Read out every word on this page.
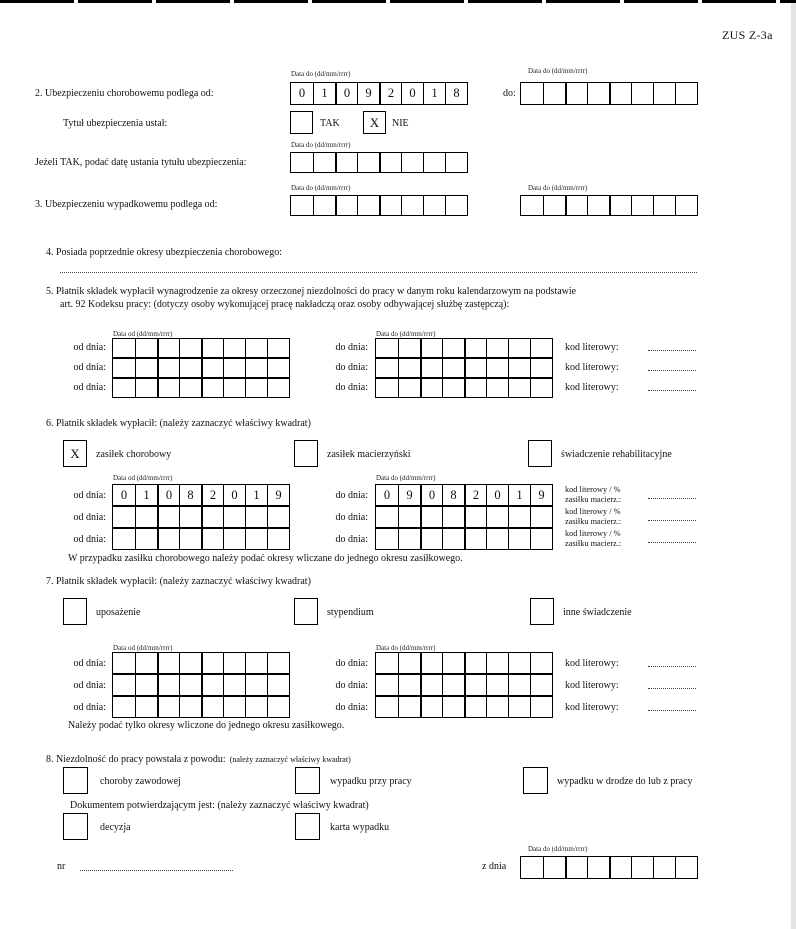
ZUS Z-3a
Data do (dd/mm/rrrr)
0	1	0	9	2	0	1	8
2. Ubezpieczeniu chorobowemu podlega od:	do:
Data do (dd/mm/rrrr)
Tytuł ubezpieczenia ustał:	TAK	X	NIE
Data do (dd/mm/rrrr)
Jeżeli TAK, podać datę ustania tytułu ubezpieczenia:
Data do (dd/mm/rrrr)
3. Ubezpieczeniu wypadkowemu podlega od:
Data do (dd/mm/rrrr)
4. Posiada poprzednie okresy ubezpieczenia chorobowego:
5. Płatnik składek wypłacił wynagrodzenie za okresy orzeczonej niezdolności do pracy w danym roku kalendarzowym na podstawie
art. 92 Kodeksu pracy: (dotyczy osoby wykonującej pracę nakładczą oraz osoby odbywającej służbę zastępczą):
Data od (dd/mm/rrrr)	Data do (dd/mm/rrrr)
od dnia:	do dnia:	kod literowy:
od dnia:	do dnia:	kod literowy:
od dnia:	do dnia:	kod literowy:
6. Płatnik składek wypłacił: (należy zaznaczyć właściwy kwadrat)
X	zasiłek chorobowy	zasiłek macierzyński	świadczenie rehabilitacyjne
Data od (dd/mm/rrrr)	Data do (dd/mm/rrrr)
od dnia:	0	1	0	8	2	0	1	9	do dnia:	0	9	0	8	2	0	1	9	kod literowy / %
zasiłku macierz.:
od dnia:	do dnia:
kod literowy / %
zasiłku macierz.:
od dnia:	do dnia:
kod literowy / %
zasiłku macierz.:
W przypadku zasiłku chorobowego należy podać okresy wliczane do jednego okresu zasiłkowego.
7. Płatnik składek wypłacił: (należy zaznaczyć właściwy kwadrat)
uposażenie	stypendium	inne świadczenie
Data od (dd/mm/rrrr)	Data do (dd/mm/rrrr)
od dnia:	do dnia:	kod literowy:
od dnia:	do dnia:	kod literowy:
od dnia:	do dnia:	kod literowy:
Należy podać tylko okresy wliczone do jednego okresu zasiłkowego.
8. Niezdolność do pracy powstała z powodu: (należy zaznaczyć właściwy kwadrat)
choroby zawodowej	wypadku przy pracy	wypadku w drodze do lub z pracy
Dokumentem potwierdzającym jest: (należy zaznaczyć właściwy kwadrat)
decyzja	karta wypadku
nr	z dnia
Data do (dd/mm/rrrr)
